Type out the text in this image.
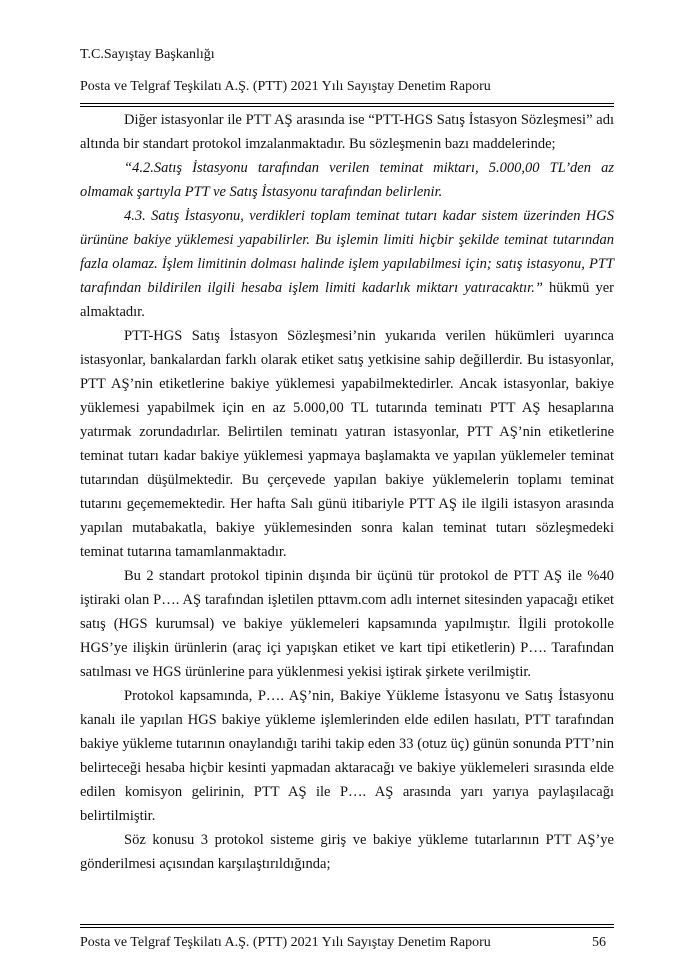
T.C.Sayıştay Başkanlığı
Posta ve Telgraf Teşkilatı A.Ş. (PTT) 2021 Yılı Sayıştay Denetim Raporu

Diğer istasyonlar ile PTT AŞ arasında ise “PTT-HGS Satış İstasyon Sözleşmesi” adı altında bir standart protokol imzalanmaktadır. Bu sözleşmenin bazı maddelerinde;

“4.2.Satış İstasyonu tarafından verilen teminat miktarı, 5.000,00 TL’den az olmamak şartıyla PTT ve Satış İstasyonu tarafından belirlenir.

4.3. Satış İstasyonu, verdikleri toplam teminat tutarı kadar sistem üzerinden HGS ürününe bakiye yüklemesi yapabilirler. Bu işlemin limiti hiçbir şekilde teminat tutarından fazla olamaz. İşlem limitinin dolması halinde işlem yapılabilmesi için; satış istasyonu, PTT tarafından bildirilen ilgili hesaba işlem limiti kadarlık miktarı yatıracaktır.” hükmü yer almaktadır.

PTT-HGS Satış İstasyon Sözleşmesi’nin yukarıda verilen hükümleri uyarınca istasyonlar, bankalardan farklı olarak etiket satış yetkisine sahip değillerdir. Bu istasyonlar, PTT AŞ’nin etiketlerine bakiye yüklemesi yapabilmektedirler. Ancak istasyonlar, bakiye yüklemesi yapabilmek için en az 5.000,00 TL tutarında teminatı PTT AŞ hesaplarına yatırmak zorundadırlar. Belirtilen teminatı yatıran istasyonlar, PTT AŞ’nin etiketlerine teminat tutarı kadar bakiye yüklemesi yapmaya başlamakta ve yapılan yüklemeler teminat tutarından düşülmektedir. Bu çerçevede yapılan bakiye yüklemelerin toplamı teminat tutarını geçememektedir. Her hafta Salı günü itibariyle PTT AŞ ile ilgili istasyon arasında yapılan mutabakatla, bakiye yüklemesinden sonra kalan teminat tutarı sözleşmedeki teminat tutarına tamamlanmaktadır.

Bu 2 standart protokol tipinin dışında bir üçünü tür protokol de PTT AŞ ile %40 iştiraki olan P…. AŞ tarafından işletilen pttavm.com adlı internet sitesinden yapacağı etiket satış (HGS kurumsal) ve bakiye yüklemeleri kapsamında yapılmıştır. İlgili protokolle HGS’ye ilişkin ürünlerin (araç içi yapışkan etiket ve kart tipi etiketlerin) P…. Tarafından satılması ve HGS ürünlerine para yüklenmesi yekisi iştirak şirkete verilmiştir.

Protokol kapsamında, P…. AŞ’nin, Bakiye Yükleme İstasyonu ve Satış İstasyonu kanalı ile yapılan HGS bakiye yükleme işlemlerinden elde edilen hasılatı, PTT tarafından bakiye yükleme tutarının onaylandığı tarihi takip eden 33 (otuz üç) günün sonunda PTT’nin belirteceği hesaba hiçbir kesinti yapmadan aktaracağı ve bakiye yüklemeleri sırasında elde edilen komisyon gelirinin, PTT AŞ ile P…. AŞ arasında yarı yarıya paylaşılacağı belirtilmiştir.

Söz konusu 3 protokol sisteme giriş ve bakiye yükleme tutarlarının PTT AŞ’ye gönderilmesi açısından karşılaştırıldığında;

Posta ve Telgraf Teşkilatı A.Ş. (PTT) 2021 Yılı Sayıştay Denetim Raporu	56
